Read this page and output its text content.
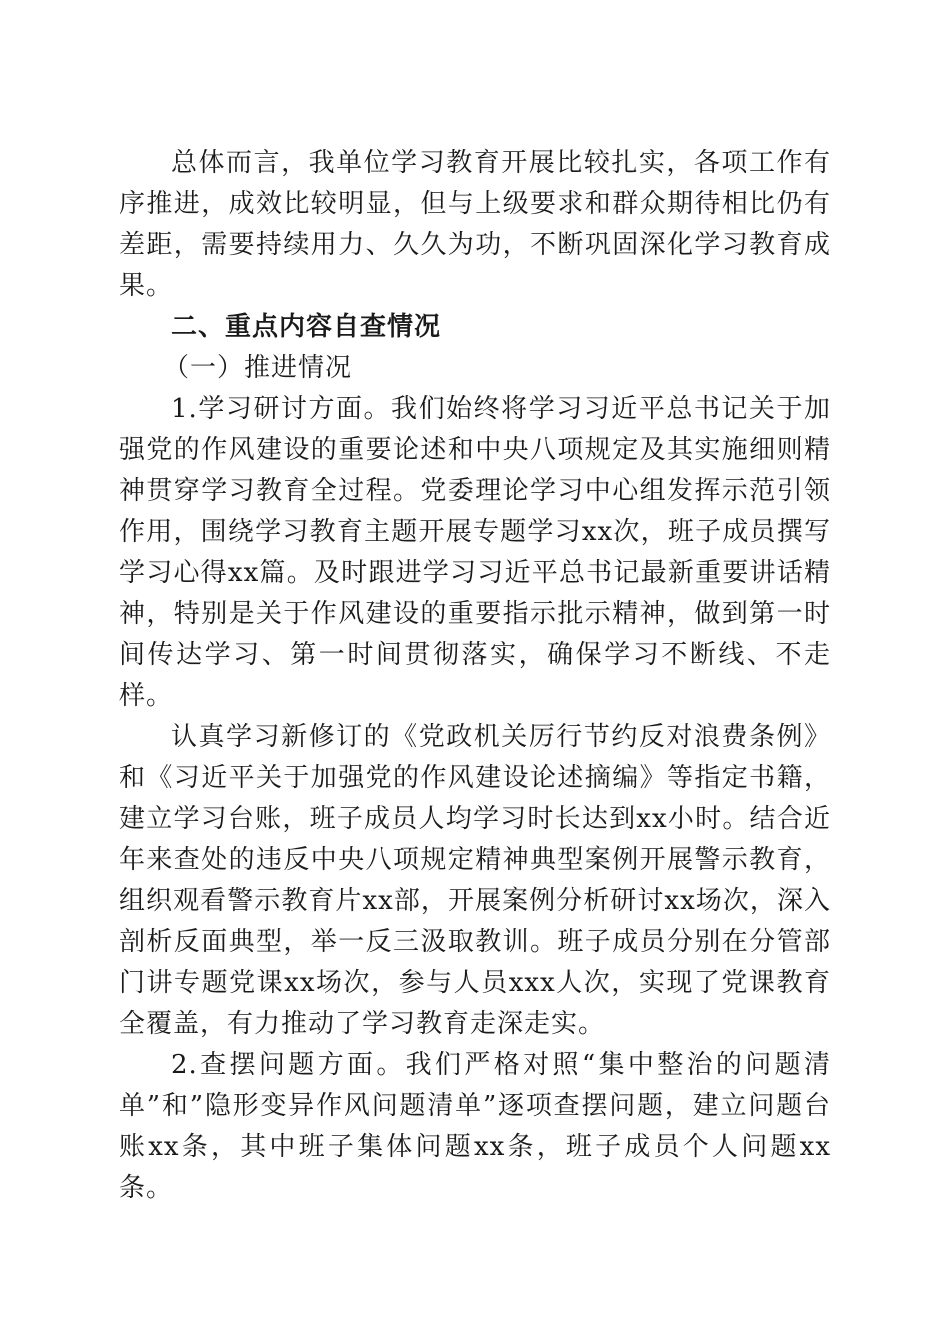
总体而言，我单位学习教育开展比较扎实，各项工作有序推进，成效比较明显，但与上级要求和群众期待相比仍有差距，需要持续用力、久久为功，不断巩固深化学习教育成果。

二、重点内容自查情况

（一）推进情况

1.学习研讨方面。我们始终将学习习近平总书记关于加强党的作风建设的重要论述和中央八项规定及其实施细则精神贯穿学习教育全过程。党委理论学习中心组发挥示范引领作用，围绕学习教育主题开展专题学习xx次，班子成员撰写学习心得xx篇。及时跟进学习习近平总书记最新重要讲话精神，特别是关于作风建设的重要指示批示精神，做到第一时间传达学习、第一时间贯彻落实，确保学习不断线、不走样。

认真学习新修订的《党政机关厉行节约反对浪费条例》和《习近平关于加强党的作风建设论述摘编》等指定书籍，建立学习台账，班子成员人均学习时长达到xx小时。结合近年来查处的违反中央八项规定精神典型案例开展警示教育，组织观看警示教育片xx部，开展案例分析研讨xx场次，深入剖析反面典型，举一反三汲取教训。班子成员分别在分管部门讲专题党课xx场次，参与人员xxx人次，实现了党课教育全覆盖，有力推动了学习教育走深走实。

2.查摆问题方面。我们严格对照“集中整治的问题清单”和”隐形变异作风问题清单”逐项查摆问题，建立问题台账xx条，其中班子集体问题xx条，班子成员个人问题xx条。
